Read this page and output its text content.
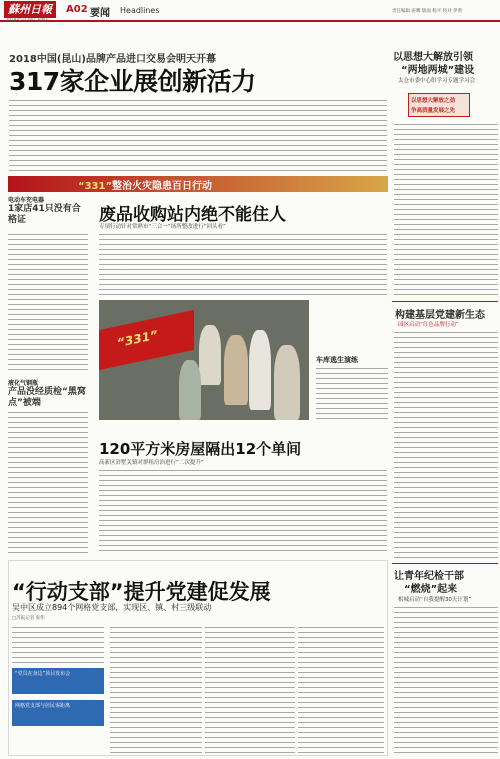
蘇州日報
2018年5月18日 星期五
A02 要闻 Headlines	责任编辑 雀鹰 版面 杨平 校对 伊黄
2018中国(昆山)品牌产品进口交易会明天开幕
317家企业展创新活力
“331”整治火灾隐患百日行动
电动车充电器
1家店41只没有合格证
液化气钢瓶
产品没经质检“黑窝点”被端
废品收购站内绝不能住人
专项行动针对常熟市“三合一”场所整改进行“回头看”
“331”
车库逃生演练
120平方米房屋隔出12个单间
高新区浒墅关镇对群租房治进行“二次提升”
“行动支部”提升党建促发展
吴中区成立894个网格党支部，实现区、镇、村三级联动
□苏报记者 张伟
“党员在身边”项目发布会
网格党支部与居民零距离
以思想大解放引领
“两地两城”建设
太仓市委中心组学习专题学习会
以思想大解放之劲
争高质量发展之先
构建基层党建新生态
园区启动“红色品牌行动”
让青年纪检干部
“燃烧”起来
相城启动“自我提醒30天计划”
